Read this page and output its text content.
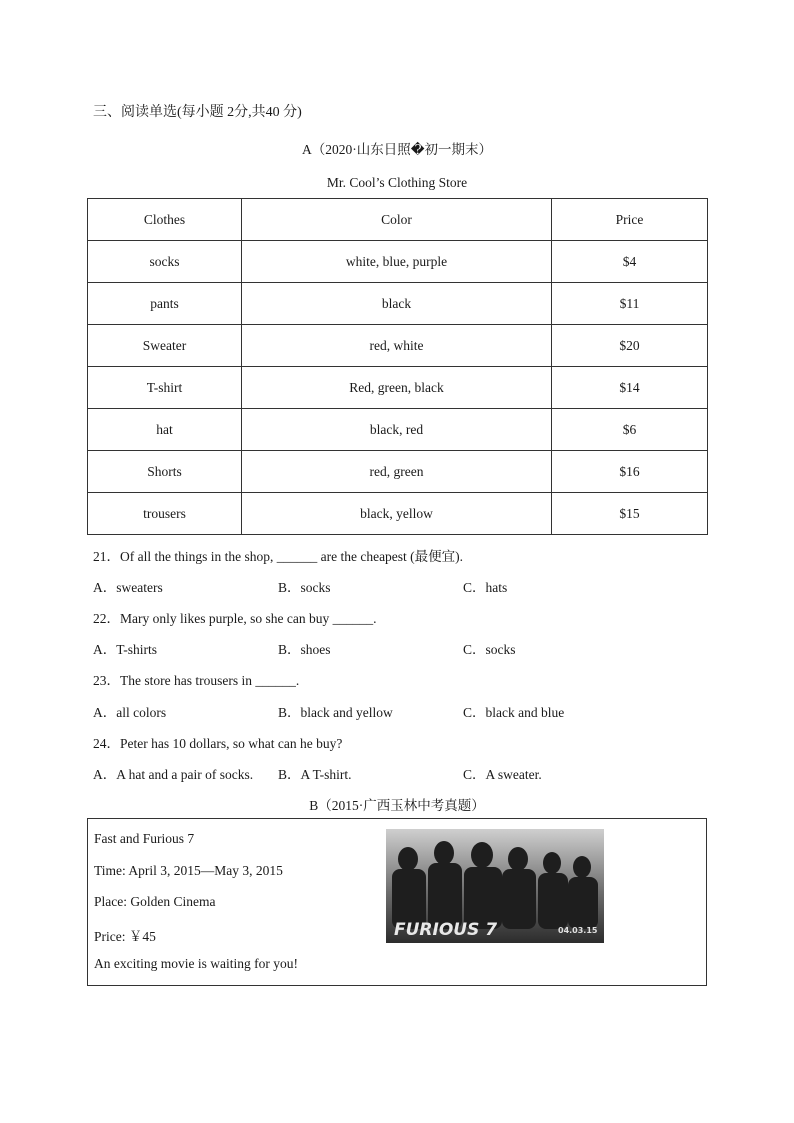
三、阅读单选(每小题 2分,共40 分)
A（2020·山东日照�初一期末）
Mr. Cool’s Clothing Store
Clothes	Color	Price
socks	white, blue, purple	$4
pants	black	$11
Sweater	red, white	$20
T-shirt	Red, green, black	$14
hat	black, red	$6
Shorts	red, green	$16
trousers	black, yellow	$15
21．Of all the things in the shop, ______ are the cheapest (最便宜).
A．sweaters	B．socks	C．hats
22．Mary only likes purple, so she can buy ______.
A．T-shirts	B．shoes	C．socks
23．The store has trousers in ______.
A．all colors	B．black and yellow	C．black and blue
24．Peter has 10 dollars, so what can he buy?
A．A hat and a pair of socks. B．A T-shirt.	C．A sweater.
B（2015·广西玉林中考真题）
Fast and Furious 7
Time: April 3, 2015—May 3, 2015
Place: Golden Cinema
Price: ￥45
An exciting movie is waiting for you!
FURIOUS 7	04.03.15
